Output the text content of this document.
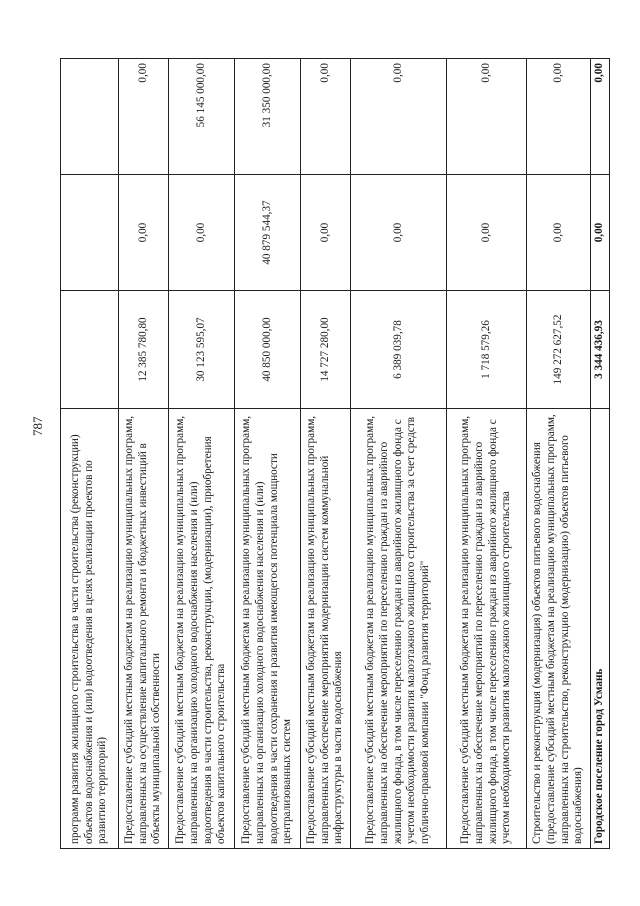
787
программ развития жилищного строительства в части строительства (реконструкции) объектов водоснабжения и (или) водоотведения в целях реализации проектов по развитию территорий)			
Предоставление субсидий местным бюджетам на реализацию муниципальных программ, направленных на осуществление капитального ремонта и бюджетных инвестиций в объекты муниципальной собственности	12 385 780,80	0,00	0,00
Предоставление субсидий местным бюджетам на реализацию муниципальных программ, направленных на организацию холодного водоснабжения населения и (или) водоотведения в части строительства, реконструкции, (модернизации), приобретения объектов капитального строительства	30 123 595,07	0,00	56 145 000,00
Предоставление субсидий местным бюджетам на реализацию муниципальных программ, направленных на организацию холодного водоснабжения населения и (или) водоотведения в части сохранения и развития имеющегося потенциала мощности централизованных систем	40 850 000,00	40 879 544,37	31 350 000,00
Предоставление субсидий местным бюджетам на реализацию муниципальных программ, направленных на обеспечение мероприятий модернизации систем коммунальной инфраструктуры в части водоснабжения	14 727 280,00	0,00	0,00
Предоставление субсидий местным бюджетам на реализацию муниципальных программ, направленных на обеспечение мероприятий по переселению граждан из аварийного жилищного фонда, в том числе переселению граждан из аварийного жилищного фонда с учетом необходимости развития малоэтажного жилищного строительства за счет средств публично-правовой компании "Фонд развития территорий"	6 389 039,78	0,00	0,00
Предоставление субсидий местным бюджетам на реализацию муниципальных программ, направленных на обеспечение мероприятий по переселению граждан из аварийного жилищного фонда, в том числе переселению граждан из аварийного жилищного фонда с учетом необходимости развития малоэтажного жилищного строительства	1 718 579,26	0,00	0,00
Строительство и реконструкция (модернизация) объектов питьевого водоснабжения (предоставление субсидий местным бюджетам на реализацию муниципальных программ, направленных на строительство, реконструкцию (модернизацию) объектов питьевого водоснабжения)	149 272 627,52	0,00	0,00
Городское поселение город Усмань	3 344 436,93	0,00	0,00
